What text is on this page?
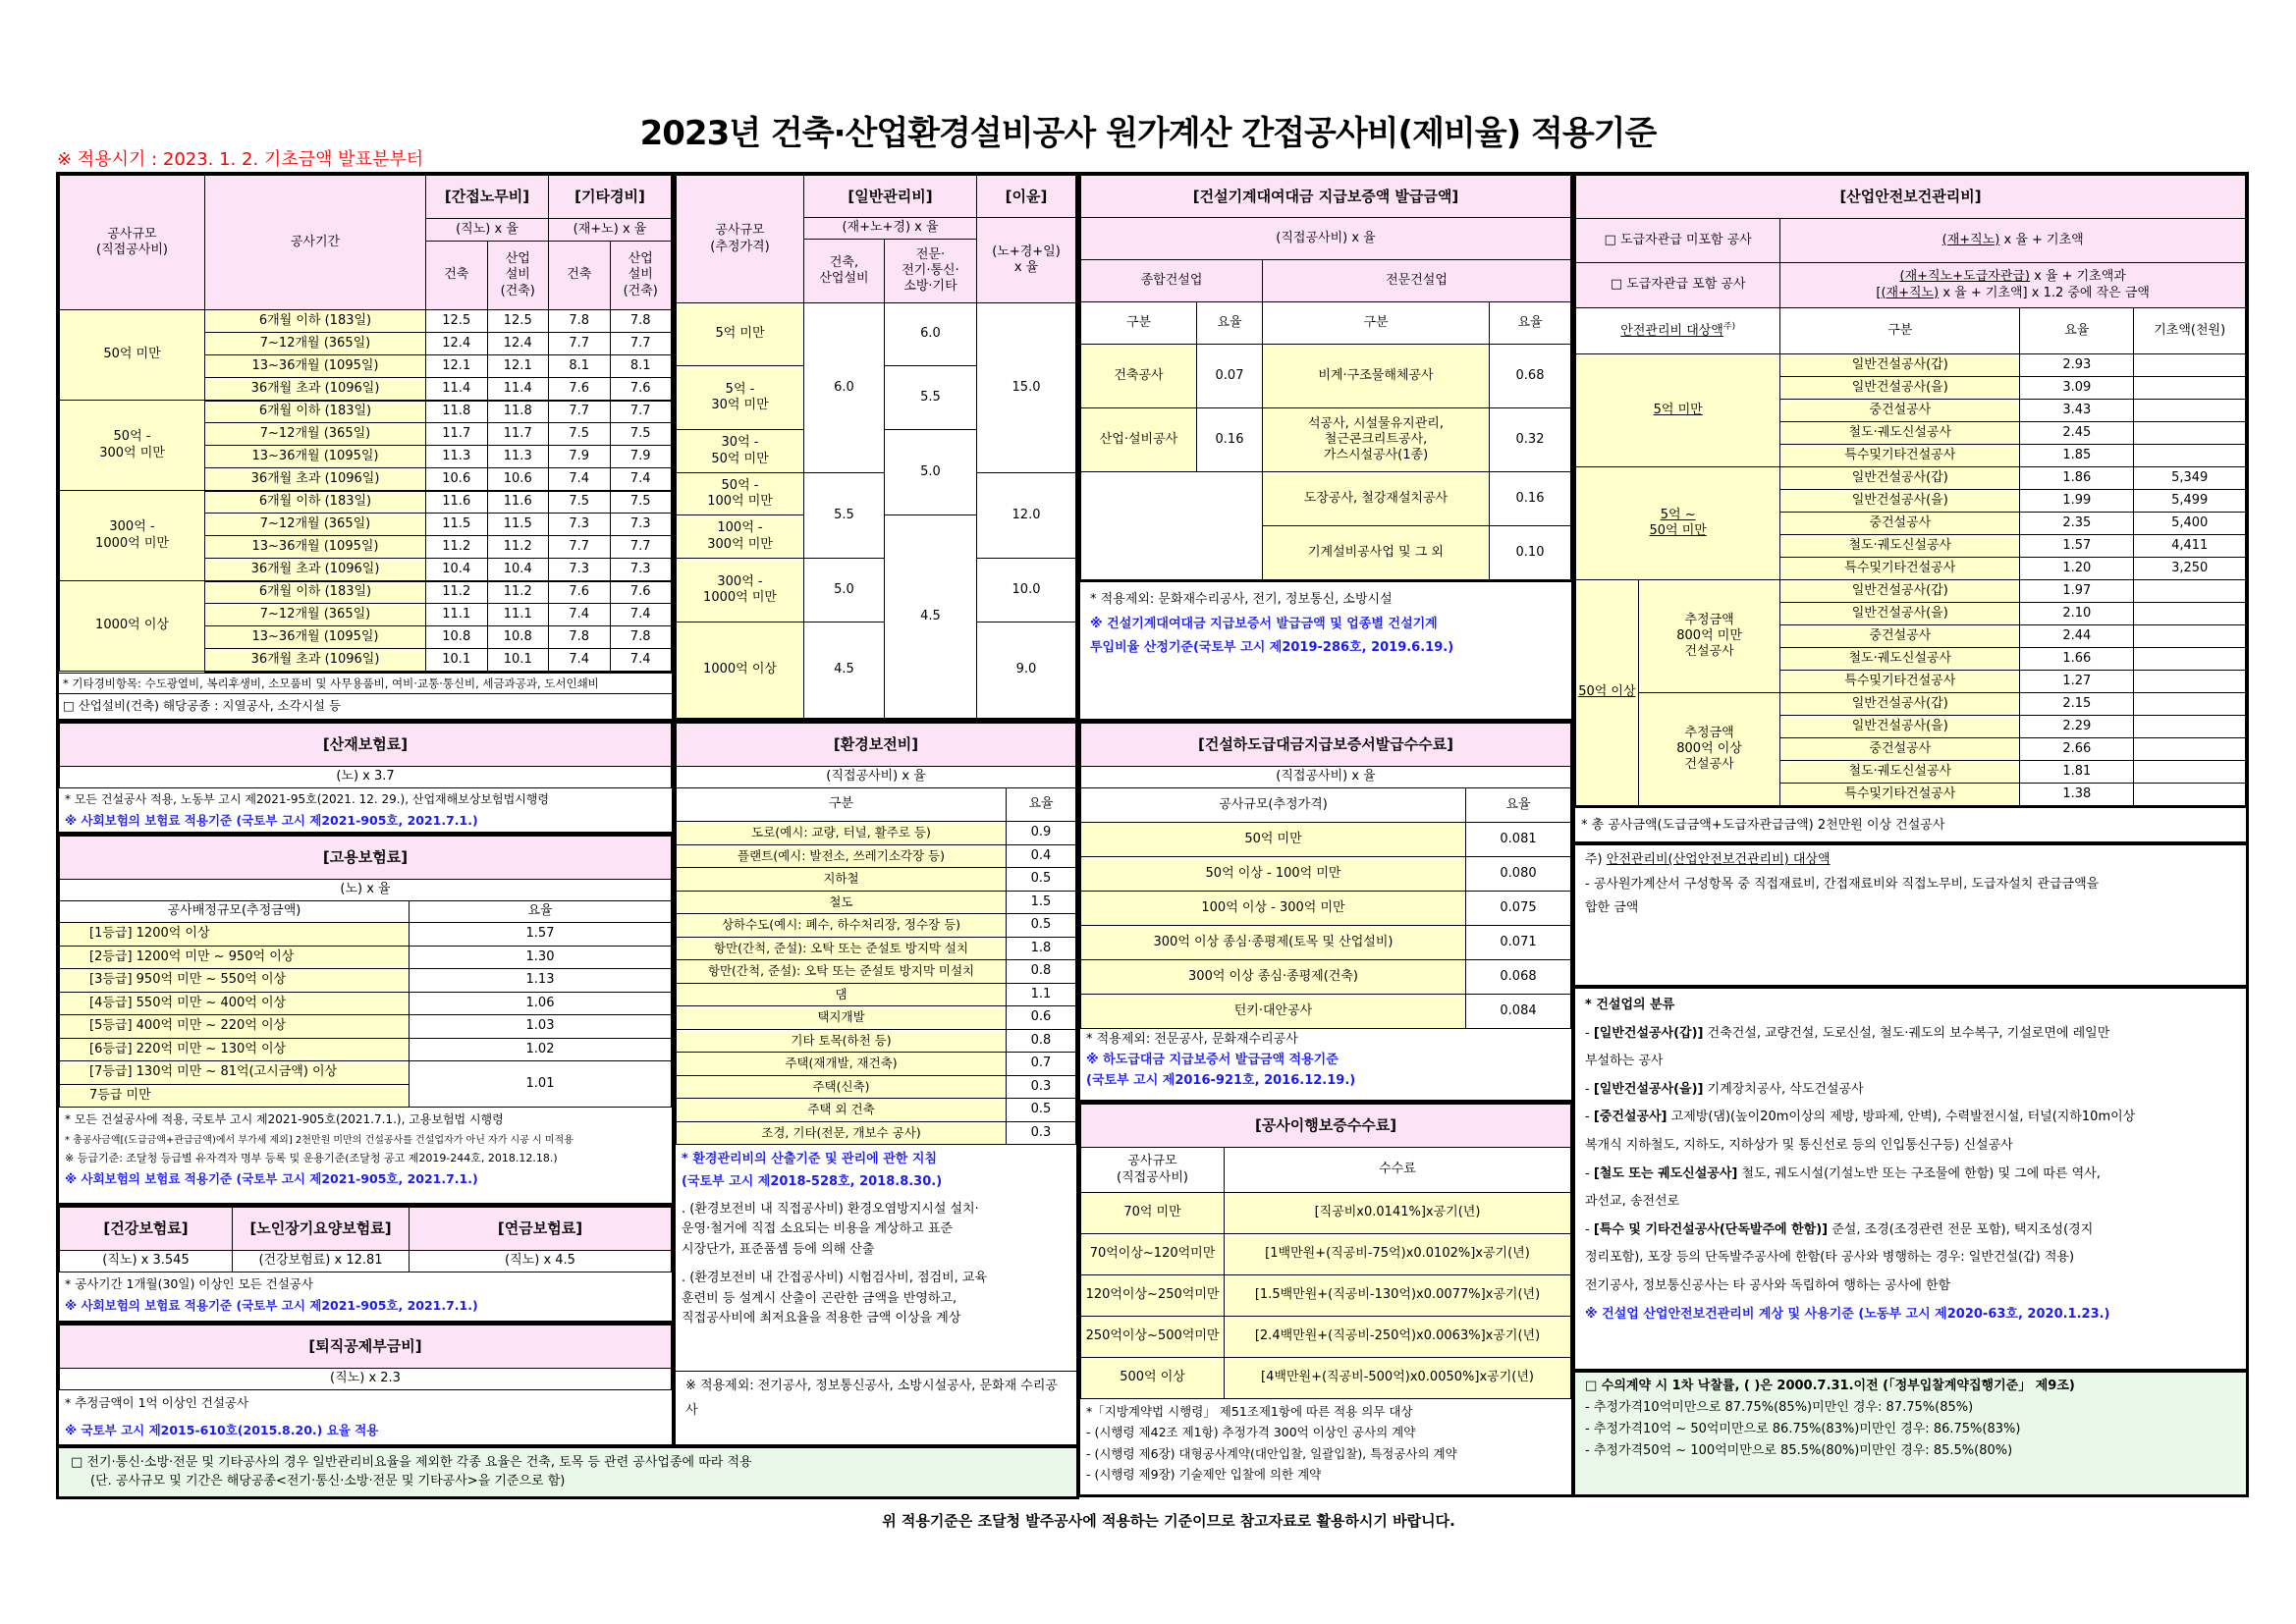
2023년 건축·산업환경설비공사 원가계산 간접공사비(제비율) 적용기준
※ 적용시기 : 2023. 1. 2. 기초금액 발표분부터
공사규모
(직접공사비)	공사기간	[간접노무비]		[기타경비]	
		(직노) x 율		(재+노) x 율	
		건축	산업
설비
(건축)	건축	산업
설비
(건축)
50억 미만	6개월 이하 (183일)	12.5	12.5	7.8	7.8
	7~12개월 (365일)	12.4	12.4	7.7	7.7
	13~36개월 (1095일)	12.1	12.1	8.1	8.1
	36개월 초과 (1096일)	11.4	11.4	7.6	7.6
50억 -
300억 미만	6개월 이하 (183일)	11.8	11.8	7.7	7.7
	7~12개월 (365일)	11.7	11.7	7.5	7.5
	13~36개월 (1095일)	11.3	11.3	7.9	7.9
	36개월 초과 (1096일)	10.6	10.6	7.4	7.4
300억 -
1000억 미만	6개월 이하 (183일)	11.6	11.6	7.5	7.5
	7~12개월 (365일)	11.5	11.5	7.3	7.3
	13~36개월 (1095일)	11.2	11.2	7.7	7.7
	36개월 초과 (1096일)	10.4	10.4	7.3	7.3
1000억 이상	6개월 이하 (183일)	11.2	11.2	7.6	7.6
	7~12개월 (365일)	11.1	11.1	7.4	7.4
	13~36개월 (1095일)	10.8	10.8	7.8	7.8
	36개월 초과 (1096일)	10.1	10.1	7.4	7.4
* 기타경비항목: 수도광열비, 복리후생비, 소모품비 및 사무용품비, 여비·교통·통신비, 세금과공과, 도서인쇄비
□ 산업설비(건축) 해당공종 : 지열공사, 소각시설 등
공사규모
(추정가격)	[일반관리비]		[이윤]
	(재+노+경) x 율		(노+경+일)
x 율
	건축,
산업설비	전문·
전기·통신·
소방·기타	
5억 미만	6.0	6.0	15.0
5억 -
30억 미만		5.5	
30억 -
50억 미만		5.0	
50억 -
100억 미만	5.5		12.0
100억 -
300억 미만		4.5	
300억 -
1000억 미만	5.0		10.0
1000억 이상	4.5		9.0
[건설기계대여대금 지급보증액 발급금액]			
(직접공사비) x 율			
종합건설업		전문건설업	
구분	요율	구분	요율
건축공사	0.07	비계·구조물해체공사	0.68
산업·설비공사	0.16	석공사, 시설물유지관리,
철근콘크리트공사,
가스시설공사(1종)	0.32
		도장공사, 철강재설치공사	0.16
		기계설비공사업 및 그 외	0.10
* 적용제외: 문화재수리공사, 전기, 정보통신, 소방시설
※ 건설기계대여대금 지급보증서 발급금액 및 업종별 건설기계
투입비율 산정기준(국토부 고시 제2019-286호, 2019.6.19.)
[산업안전보건관리비]				
□ 도급자관급 미포함 공사		(재+직노) x 율 + 기초액		
□ 도급자관급 포함 공사		(재+직노+도급자관급) x 율 + 기초액과
[(재+직노) x 율 + 기초액] x 1.2 중에 작은 금액		
안전관리비 대상액$^{주)}$		구분	요율	기초액(천원)
5억 미만		일반건설공사(갑)	2.93	
		일반건설공사(을)	3.09	
		중건설공사	3.43	
		철도·궤도신설공사	2.45	
		특수및기타건설공사	1.85	
5억 ~
50억 미만		일반건설공사(갑)	1.86	5,349
		일반건설공사(을)	1.99	5,499
		중건설공사	2.35	5,400
		철도·궤도신설공사	1.57	4,411
		특수및기타건설공사	1.20	3,250
50억 이상	추정금액
800억 미만
건설공사	일반건설공사(갑)	1.97	
		일반건설공사(을)	2.10	
		중건설공사	2.44	
		철도·궤도신설공사	1.66	
		특수및기타건설공사	1.27	
	추정금액
800억 이상
건설공사	일반건설공사(갑)	2.15	
		일반건설공사(을)	2.29	
		중건설공사	2.66	
		철도·궤도신설공사	1.81	
		특수및기타건설공사	1.38	
* 총 공사금액(도급금액+도급자관급금액) 2천만원 이상 건설공사
주) 안전관리비(산업안전보건관리비) 대상액
- 공사원가계산서 구성항목 중 직접재료비, 간접재료비와 직접노무비, 도급자설치 관급금액을
합한 금액
* 건설업의 분류
- [일반건설공사(갑)] 건축건설, 교량건설, 도로신설, 철도·궤도의 보수복구, 기설로면에 레일만
부설하는 공사
- [일반건설공사(을)] 기계장치공사, 삭도건설공사
- [중건설공사] 고제방(댐)(높이20m이상의 제방, 방파제, 안벽), 수력발전시설, 터널(지하10m이상
복개식 지하철도, 지하도, 지하상가 및 통신선로 등의 인입통신구등) 신설공사
- [철도 또는 궤도신설공사] 철도, 궤도시설(기설노반 또는 구조물에 한함) 및 그에 따른 역사,
과선교, 송전선로
- [특수 및 기타건설공사(단독발주에 한함)] 준설, 조경(조경관련 전문 포함), 택지조성(경지
정리포함), 포장 등의 단독발주공사에 한함(타 공사와 병행하는 경우: 일반건설(갑) 적용)
전기공사, 정보통신공사는 타 공사와 독립하여 행하는 공사에 한함
※ 건설업 산업안전보건관리비 계상 및 사용기준 (노동부 고시 제2020-63호, 2020.1.23.)
□ 수의계약 시 1차 낙찰률, ( )은 2000.7.31.이전 (「정부입찰계약집행기준」 제9조)
- 추정가격10억미만으로 87.75%(85%)미만인 경우: 87.75%(85%)
- 추정가격10억 ~ 50억미만으로 86.75%(83%)미만인 경우: 86.75%(83%)
- 추정가격50억 ~ 100억미만으로 85.5%(80%)미만인 경우: 85.5%(80%)
[산재보험료]
(노) x 3.7
* 모든 건설공사 적용, 노동부 고시 제2021-95호(2021. 12. 29.), 산업재해보상보험법시행령
※ 사회보험의 보험료 적용기준 (국토부 고시 제2021-905호, 2021.7.1.)
[고용보험료]	
(노) x 율	
공사배정규모(추정금액)	요율
[1등급] 1200억 이상	1.57
[2등급] 1200억 미만 ~ 950억 이상	1.30
[3등급] 950억 미만 ~ 550억 이상	1.13
[4등급] 550억 미만 ~ 400억 이상	1.06
[5등급] 400억 미만 ~ 220억 이상	1.03
[6등급] 220억 미만 ~ 130억 이상	1.02
[7등급] 130억 미만 ~ 81억(고시금액) 이상	1.01
7등급 미만	
* 모든 건설공사에 적용, 국토부 고시 제2021-905호(2021.7.1.), 고용보험법 시행령
* 총공사금액[(도급금액+관급금액)에서 부가세 제외] 2천만원 미만의 건설공사를 건설업자가 아닌 자가 시공 시 미적용
※ 등급기준: 조달청 등급별 유자격자 명부 등록 및 운용기준(조달청 공고 제2019-244호, 2018.12.18.)
※ 사회보험의 보험료 적용기준 (국토부 고시 제2021-905호, 2021.7.1.)
[건강보험료]	[노인장기요양보험료]	[연금보험료]
(직노) x 3.545	(건강보험료) x 12.81	(직노) x 4.5
* 공사기간 1개월(30일) 이상인 모든 건설공사
※ 사회보험의 보험료 적용기준 (국토부 고시 제2021-905호, 2021.7.1.)
[퇴직공제부금비]
(직노) x 2.3
* 추정금액이 1억 이상인 건설공사
※ 국토부 고시 제2015-610호(2015.8.20.) 요율 적용
□ 전기·통신·소방·전문 및 기타공사의 경우 일반관리비요율을 제외한 각종 요율은 건축, 토목 등 관련 공사업종에 따라 적용
(단. 공사규모 및 기간은 해당공종<전기·통신·소방·전문 및 기타공사>을 기준으로 함)
[환경보전비]	
(직접공사비) x 율	
구분	요율
도로(예시: 교량, 터널, 활주로 등)	0.9
플랜트(예시: 발전소, 쓰레기소각장 등)	0.4
지하철	0.5
철도	1.5
상하수도(예시: 폐수, 하수처리장, 정수장 등)	0.5
항만(간척, 준설): 오탁 또는 준설토 방지막 설치	1.8
항만(간척, 준설): 오탁 또는 준설토 방지막 미설치	0.8
댐	1.1
택지개발	0.6
기타 토목(하천 등)	0.8
주택(재개발, 재건축)	0.7
주택(신축)	0.3
주택 외 건축	0.5
조경, 기타(전문, 개보수 공사)	0.3
* 환경관리비의 산출기준 및 관리에 관한 지침
(국토부 고시 제2018-528호, 2018.8.30.)
. (환경보전비 내 직접공사비) 환경오염방지시설 설치·
운영·철거에 직접 소요되는 비용을 계상하고 표준
시장단가, 표준품셈 등에 의해 산출
. (환경보전비 내 간접공사비) 시험검사비, 점검비, 교육
훈련비 등 설계시 산출이 곤란한 금액을 반영하고,
직접공사비에 최저요율을 적용한 금액 이상을 계상
※ 적용제외: 전기공사, 정보통신공사, 소방시설공사, 문화재 수리공사
[건설하도급대금지급보증서발급수수료]	
(직접공사비) x 율	
공사규모(추정가격)	요율
50억 미만	0.081
50억 이상 - 100억 미만	0.080
100억 이상 - 300억 미만	0.075
300억 이상 종심·종평제(토목 및 산업설비)	0.071
300억 이상 종심·종평제(건축)	0.068
턴키·대안공사	0.084
* 적용제외: 전문공사, 문화재수리공사
※ 하도급대금 지급보증서 발급금액 적용기준
(국토부 고시 제2016-921호, 2016.12.19.)
[공사이행보증수수료]	
공사규모
(직접공사비)	수수료
70억 미만	[직공비x0.0141%]x공기(년)
70억이상~120억미만	[1백만원+(직공비-75억)x0.0102%]x공기(년)
120억이상~250억미만	[1.5백만원+(직공비-130억)x0.0077%]x공기(년)
250억이상~500억미만	[2.4백만원+(직공비-250억)x0.0063%]x공기(년)
500억 이상	[4백만원+(직공비-500억)x0.0050%]x공기(년)
*「지방계약법 시행령」 제51조제1항에 따른 적용 의무 대상
- (시행령 제42조 제1항) 추정가격 300억 이상인 공사의 계약
- (시행령 제6장) 대형공사계약(대안입찰, 일괄입찰), 특정공사의 계약
- (시행령 제9장) 기술제안 입찰에 의한 계약
위 적용기준은 조달청 발주공사에 적용하는 기준이므로 참고자료로 활용하시기 바랍니다.
